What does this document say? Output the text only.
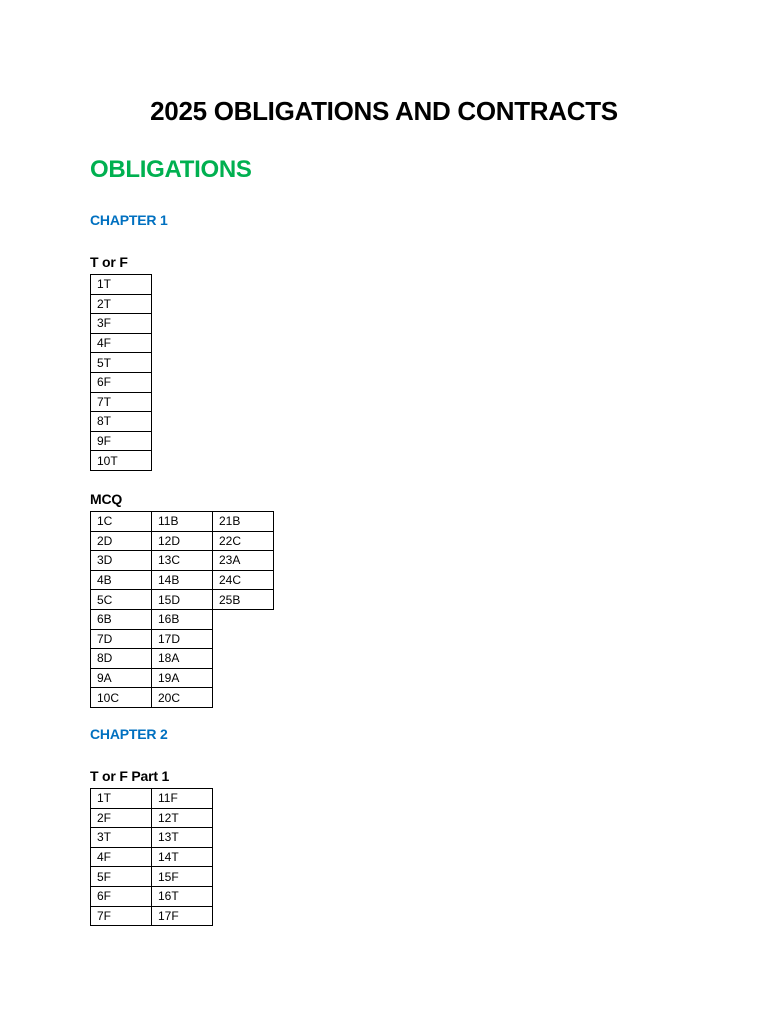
2025 OBLIGATIONS AND CONTRACTS
OBLIGATIONS
CHAPTER 1
T or F
1T
2T
3F
4F
5T
6F
7T
8T
9F
10T
MCQ
1C	11B	21B
2D	12D	22C
3D	13C	23A
4B	14B	24C
5C	15D	25B
6B	16B	
7D	17D	
8D	18A	
9A	19A	
10C	20C	
CHAPTER 2
T or F Part 1
1T	11F
2F	12T
3T	13T
4F	14T
5F	15F
6F	16T
7F	17F
